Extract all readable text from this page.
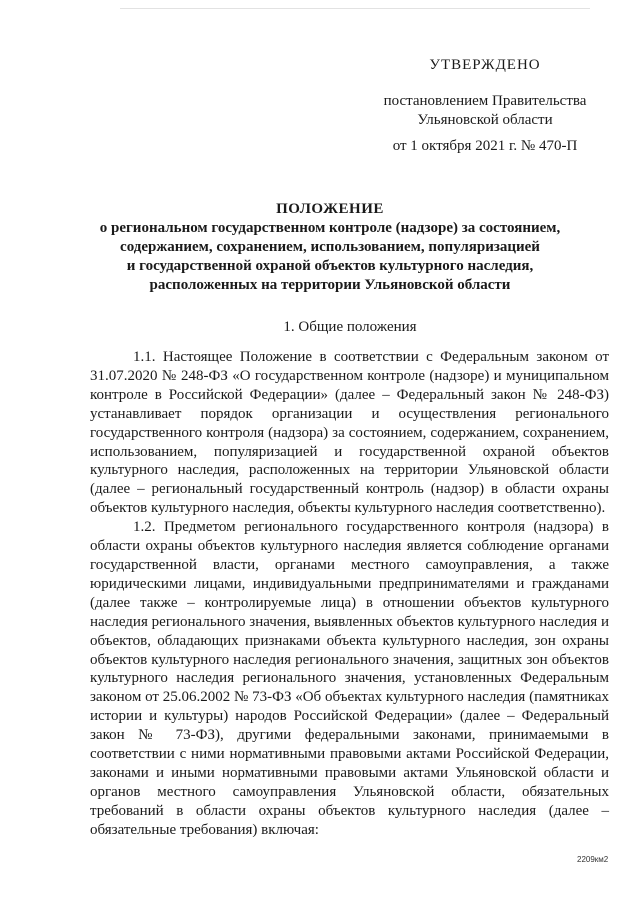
УТВЕРЖДЕНО
постановлением Правительства
Ульяновской области
от 1 октября 2021 г. № 470-П
ПОЛОЖЕНИЕ
о региональном государственном контроле (надзоре) за состоянием,
содержанием, сохранением, использованием, популяризацией
и государственной охраной объектов культурного наследия,
расположенных на территории Ульяновской области
1. Общие положения

1.1. Настоящее Положение в соответствии с Федеральным законом от 31.07.2020 № 248-ФЗ «О государственном контроле (надзоре) и муниципальном контроле в Российской Федерации» (далее – Федеральный закон № 248-ФЗ) устанавливает порядок организации и осуществления регионального государственного контроля (надзора) за состоянием, содержанием, сохранением, использованием, популяризацией и государственной охраной объектов культурного наследия, расположенных на территории Ульяновской области (далее – региональный государственный контроль (надзор) в области охраны объектов культурного наследия, объекты культурного наследия соответственно).

1.2. Предметом регионального государственного контроля (надзора) в области охраны объектов культурного наследия является соблюдение органами государственной власти, органами местного самоуправления, а также юридическими лицами, индивидуальными предпринимателями и гражданами (далее также – контролируемые лица) в отношении объектов культурного наследия регионального значения, выявленных объектов культурного наследия и объектов, обладающих признаками объекта культурного наследия, зон охраны объектов культурного наследия регионального значения, защитных зон объектов культурного наследия регионального значения, установленных Федеральным законом от 25.06.2002 № 73-ФЗ «Об объектах культурного наследия (памятниках истории и культуры) народов Российской Федерации» (далее – Федеральный закон № 73-ФЗ), другими федеральными законами, принимаемыми в соответствии с ними нормативными правовыми актами Российской Федерации, законами и иными нормативными правовыми актами Ульяновской области и органов местного самоуправления Ульяновской области, обязательных требований в области охраны объектов культурного наследия (далее – обязательные требования) включая:

2209км2
